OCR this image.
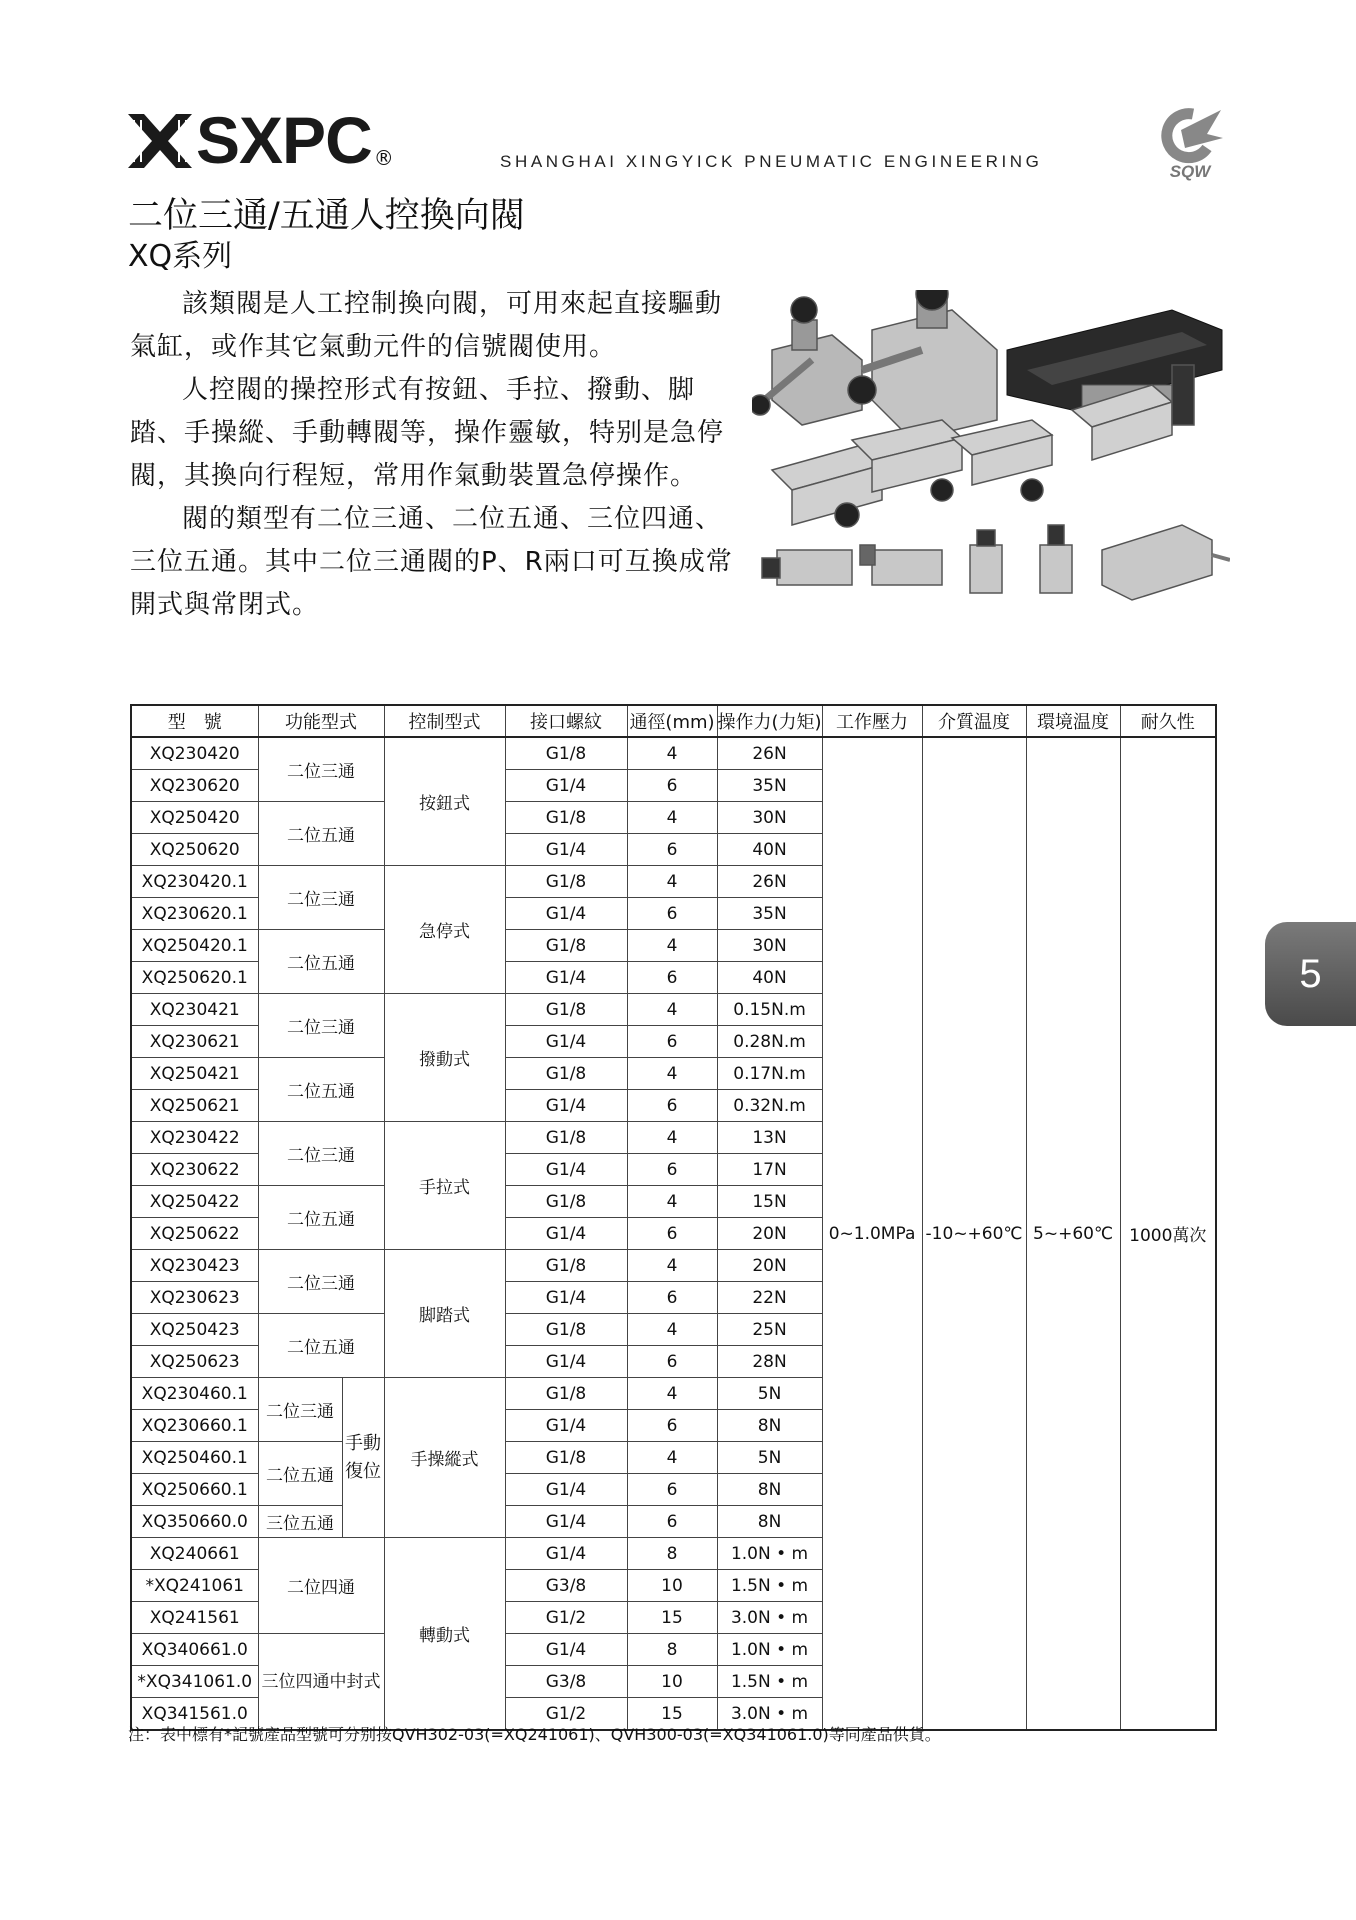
SXPC ®	SHANGHAI XINGYICK PNEUMATIC ENGINEERING
SQW
二位三通/五通人控換向閥
XQ系列

該類閥是人工控制換向閥，可用來起直接驅動氣缸，或作其它氣動元件的信號閥使用。

人控閥的操控形式有按鈕、手拉、撥動、脚踏、手操縱、手動轉閥等，操作靈敏，特别是急停閥，其換向行程短，常用作氣動裝置急停操作。

閥的類型有二位三通、二位五通、三位四通、三位五通。其中二位三通閥的P、R兩口可互換成常開式與常閉式。

型　號	功能型式		控制型式	接口螺紋	通徑(mm)	操作力(力矩)	工作壓力	介質温度	環境温度	耐久性
XQ230420	二位三通		按鈕式	G1/8	4	26N	0~1.0MPa	-10~+60℃	5~+60℃	1000萬次
XQ230620				G1/4	6	35N				
XQ250420	二位五通			G1/8	4	30N				
XQ250620				G1/4	6	40N				
XQ230420.1	二位三通		急停式	G1/8	4	26N				
XQ230620.1				G1/4	6	35N				
XQ250420.1	二位五通			G1/8	4	30N				
XQ250620.1				G1/4	6	40N				
XQ230421	二位三通		撥動式	G1/8	4	0.15N.m				
XQ230621				G1/4	6	0.28N.m				
XQ250421	二位五通			G1/8	4	0.17N.m				
XQ250621				G1/4	6	0.32N.m				
XQ230422	二位三通		手拉式	G1/8	4	13N				
XQ230622				G1/4	6	17N				
XQ250422	二位五通			G1/8	4	15N				
XQ250622				G1/4	6	20N				
XQ230423	二位三通		脚踏式	G1/8	4	20N				
XQ230623				G1/4	6	22N				
XQ250423	二位五通			G1/8	4	25N				
XQ250623				G1/4	6	28N				
XQ230460.1	二位三通	手動復位	手操縱式	G1/8	4	5N				
XQ230660.1				G1/4	6	8N				
XQ250460.1	二位五通			G1/8	4	5N				
XQ250660.1				G1/4	6	8N				
XQ350660.0	三位五通			G1/4	6	8N				
XQ240661	二位四通		轉動式	G1/4	8	1.0N • m				
*XQ241061				G3/8	10	1.5N • m				
XQ241561				G1/2	15	3.0N • m				
XQ340661.0	三位四通中封式			G1/4	8	1.0N • m				
*XQ341061.0				G3/8	10	1.5N • m				
XQ341561.0				G1/2	15	3.0N • m				
注：表中標有*記號產品型號可分别按QVH302-03(=XQ241061)、QVH300-03(=XQ341061.0)等同產品供貨。
5
